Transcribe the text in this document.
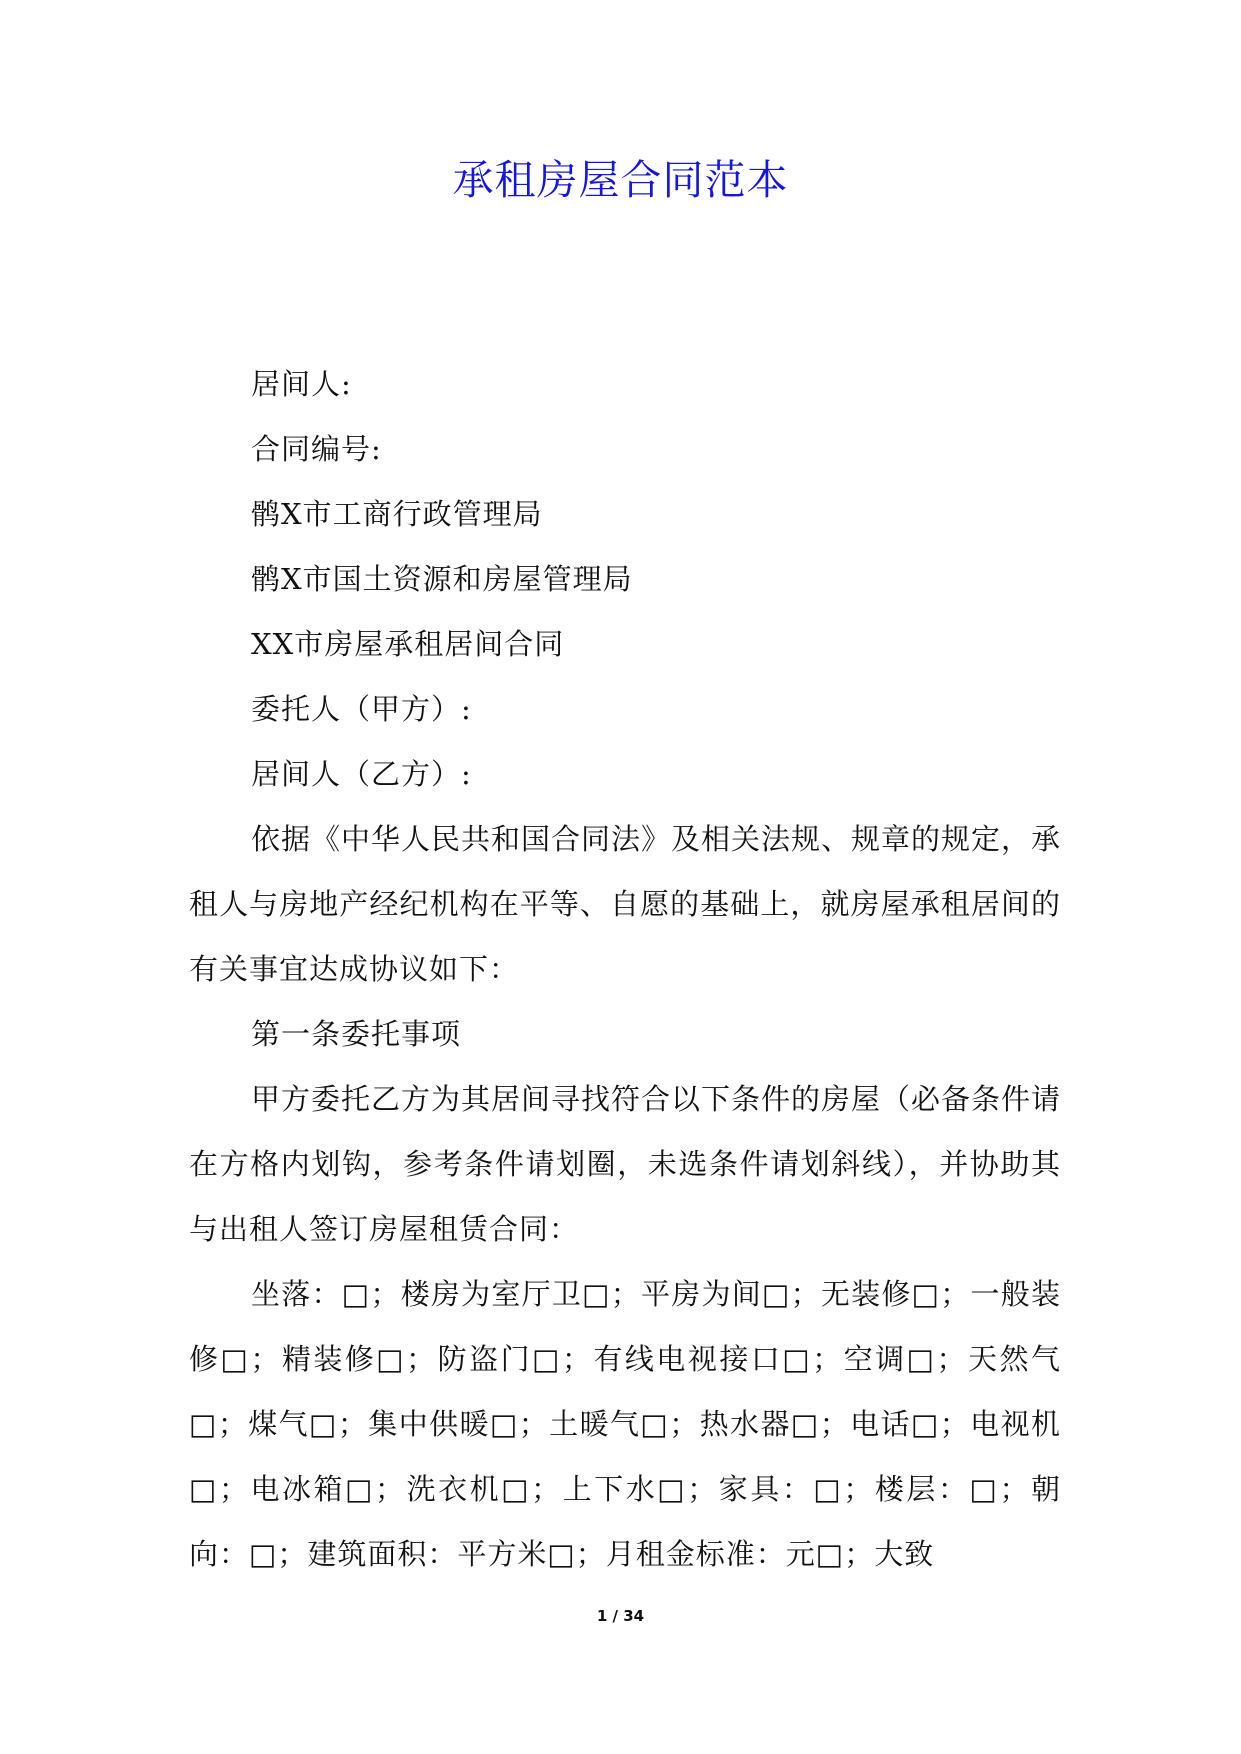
承租房屋合同范本

居间人:

合同编号:

鹘X市工商行政管理局

鹘X市国土资源和房屋管理局

XX市房屋承租居间合同

委托人（甲方）:

居间人（乙方）:

依据《中华人民共和国合同法》及相关法规、规章的规定，承租人与房地产经纪机构在平等、自愿的基础上，就房屋承租居间的有关事宜达成协议如下：

第一条委托事项

甲方委托乙方为其居间寻找符合以下条件的房屋（必备条件请在方格内划钩，参考条件请划圈，未选条件请划斜线），并协助其与出租人签订房屋租赁合同：

坐落：□；楼房为室厅卫□；平房为间□；无装修□；一般装修□；精装修□；防盗门□；有线电视接口□；空调□；天然气□；煤气□；集中供暖□；土暖气□；热水器□；电话□；电视机□；电冰箱□；洗衣机□；上下水□；家具：□；楼层：□；朝向：□；建筑面积：平方米□；月租金标准：元□；大致

1 / 34
